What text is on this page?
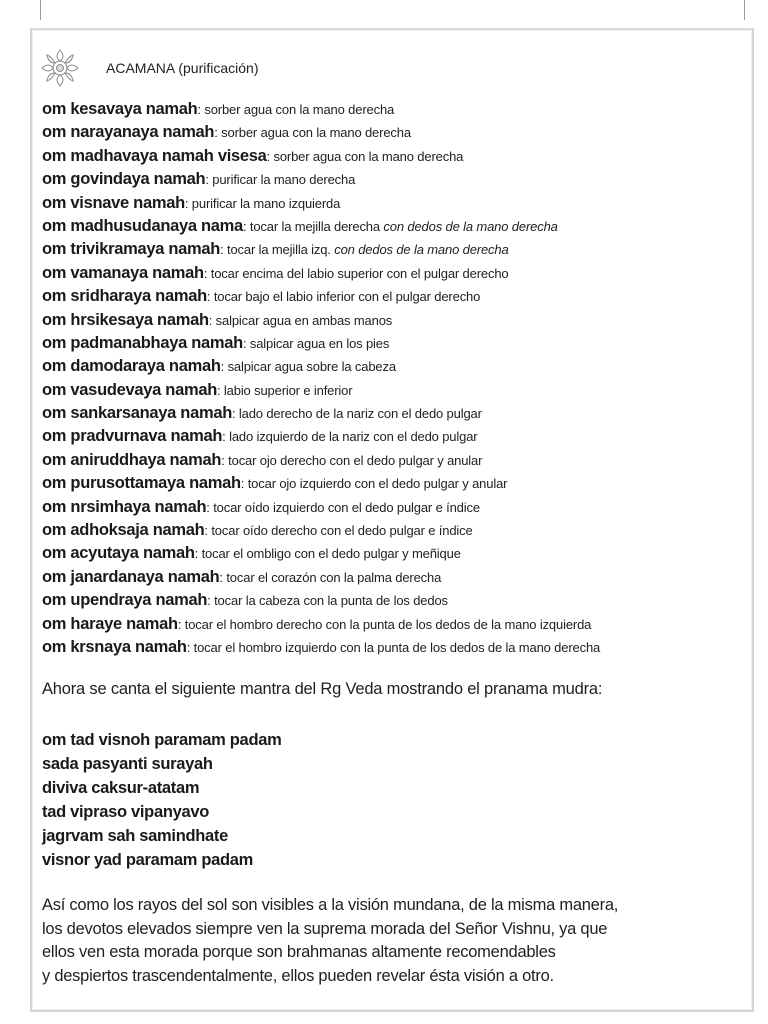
ACAMANA (purificación)
om kesavaya namah: sorber agua con la mano derecha
om narayanaya namah: sorber agua con la mano derecha
om madhavaya namah visesa: sorber agua con la mano derecha
om govindaya namah: purificar la mano derecha
om visnave namah: purificar la mano izquierda
om madhusudanaya nama: tocar la mejilla derecha con dedos de la mano derecha
om trivikramaya namah: tocar la mejilla izq. con dedos de la mano derecha
om vamanaya namah: tocar encima del labio superior con el pulgar derecho
om sridharaya namah: tocar bajo el labio inferior con el pulgar derecho
om hrsikesaya namah: salpicar agua en ambas manos
om padmanabhaya namah: salpicar agua en los pies
om damodaraya namah: salpicar agua sobre la cabeza
om vasudevaya namah: labio superior e inferior
om sankarsanaya namah: lado derecho de la nariz con el dedo pulgar
om pradvurnava namah: lado izquierdo de la nariz con el dedo pulgar
om aniruddhaya namah: tocar ojo derecho con el dedo pulgar y anular
om purusottamaya namah: tocar ojo izquierdo con el dedo pulgar y anular
om nrsimhaya namah: tocar oído izquierdo con el dedo pulgar e índice
om adhoksaja namah: tocar oído derecho con el dedo pulgar e índice
om acyutaya namah: tocar el ombligo con el dedo pulgar y meñique
om janardanaya namah: tocar el corazón con la palma derecha
om upendraya namah: tocar la cabeza con la punta de los dedos
om haraye namah: tocar el hombro derecho con la punta de los dedos de la mano izquierda
om krsnaya namah: tocar el hombro izquierdo con la punta de los dedos de la mano derecha
Ahora se canta el siguiente mantra del Rg Veda mostrando el pranama mudra:
om tad visnoh paramam padam
sada pasyanti surayah
diviva caksur-atatam
tad vipraso vipanyavo
jagrvam sah samindhate
visnor yad paramam padam
Así como los rayos del sol son visibles a la visión mundana, de la misma manera,
los devotos elevados siempre ven la suprema morada del Señor Vishnu, ya que
ellos ven esta morada porque son brahmanas altamente recomendables
y despiertos trascendentalmente, ellos pueden revelar ésta visión a otro.
